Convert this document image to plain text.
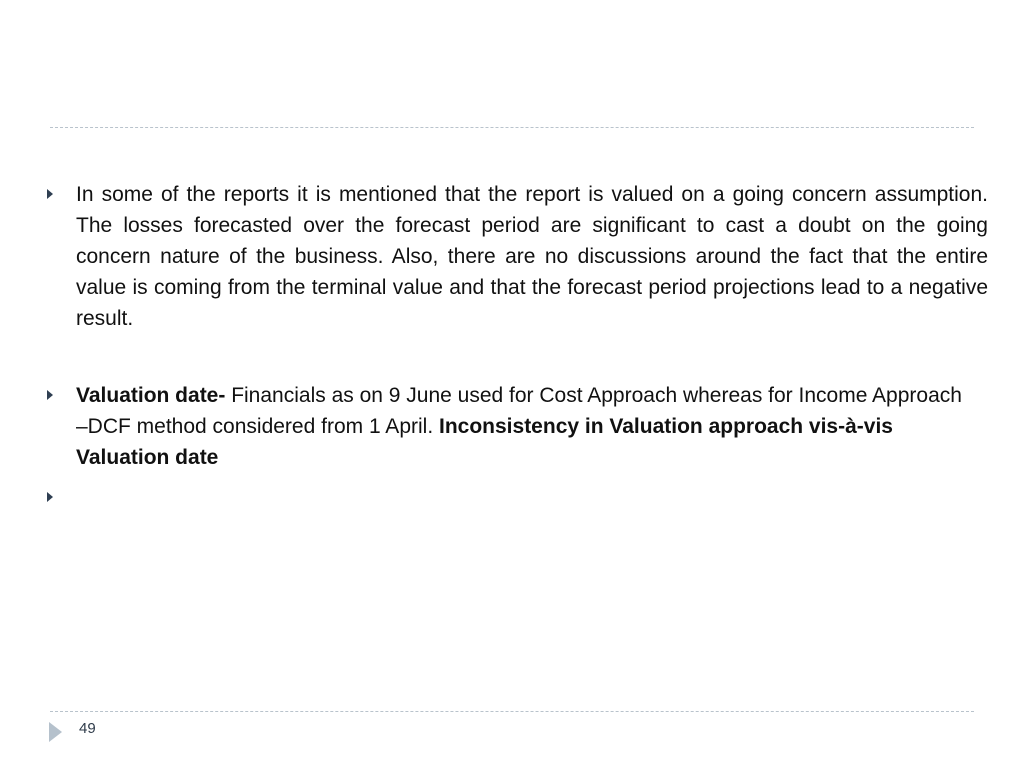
In some of the reports it is mentioned that the report is valued on a going concern assumption. The losses forecasted over the forecast period are significant to cast a doubt on the going concern nature of the business. Also, there are no discussions around the fact that the entire value is coming from the terminal value and that the forecast period projections lead to a negative result.

Valuation date- Financials as on 9 June used for Cost Approach whereas for Income Approach –DCF method considered from 1 April. Inconsistency in Valuation approach vis-à-vis Valuation date

49
